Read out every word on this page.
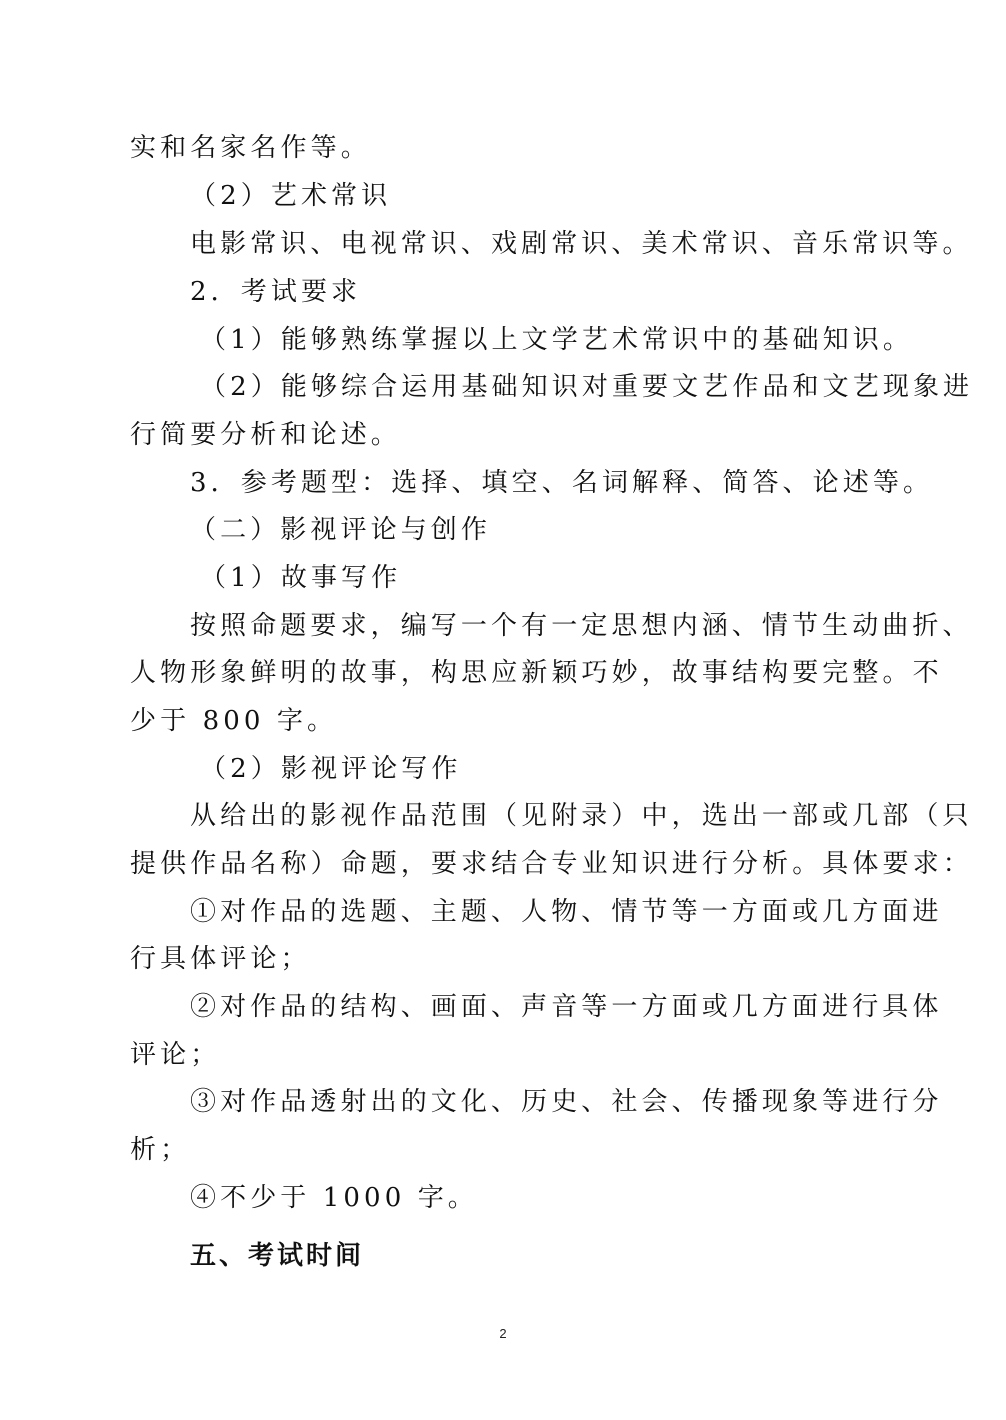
实和名家名作等。
（2）艺术常识
电影常识、电视常识、戏剧常识、美术常识、音乐常识等。
2．考试要求
（1）能够熟练掌握以上文学艺术常识中的基础知识。
（2）能够综合运用基础知识对重要文艺作品和文艺现象进
行简要分析和论述。
3．参考题型：选择、填空、名词解释、简答、论述等。
（二）影视评论与创作
（1）故事写作
按照命题要求，编写一个有一定思想内涵、情节生动曲折、
人物形象鲜明的故事，构思应新颖巧妙，故事结构要完整。不
少于 800 字。
（2）影视评论写作
从给出的影视作品范围（见附录）中，选出一部或几部（只
提供作品名称）命题，要求结合专业知识进行分析。具体要求：
①对作品的选题、主题、人物、情节等一方面或几方面进
行具体评论；
②对作品的结构、画面、声音等一方面或几方面进行具体
评论；
③对作品透射出的文化、历史、社会、传播现象等进行分
析；
④不少于 1000 字。
五、考试时间
2
